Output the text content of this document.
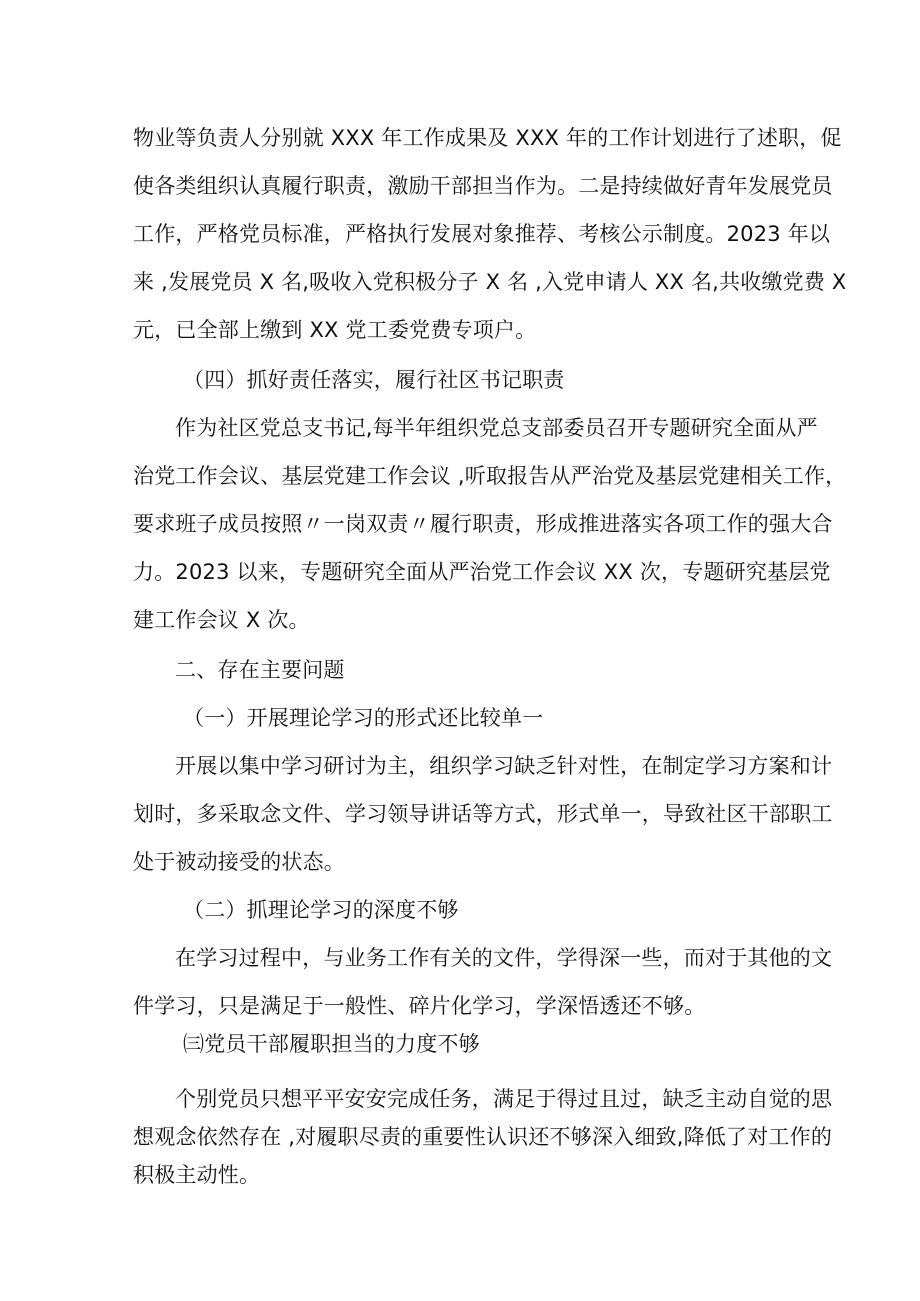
物业等负责人分别就 XXX 年工作成果及 XXX 年的工作计划进行了述职，促
使各类组织认真履行职责，激励干部担当作为。二是持续做好青年发展党员
工作，严格党员标准，严格执行发展对象推荐、考核公示制度。2023 年以
来 ,发展党员 X 名,吸收入党积极分子 X 名 ,入党申请人 XX 名,共收缴党费 X
元，已全部上缴到 XX 党工委党费专项户。
（四）抓好责任落实，履行社区书记职责
作为社区党总支书记,每半年组织党总支部委员召开专题研究全面从严
治党工作会议、基层党建工作会议 ,听取报告从严治党及基层党建相关工作，
要求班子成员按照〃一岗双责〃履行职责，形成推进落实各项工作的强大合
力。2023 以来，专题研究全面从严治党工作会议 XX 次，专题研究基层党
建工作会议 X 次。
二、存在主要问题
（一）开展理论学习的形式还比较单一
开展以集中学习研讨为主，组织学习缺乏针对性，在制定学习方案和计
划时，多采取念文件、学习领导讲话等方式，形式单一，导致社区干部职工
处于被动接受的状态。
（二）抓理论学习的深度不够
在学习过程中，与业务工作有关的文件，学得深一些，而对于其他的文
件学习，只是满足于一般性、碎片化学习，学深悟透还不够。
㈢党员干部履职担当的力度不够
个别党员只想平平安安完成任务，满足于得过且过，缺乏主动自觉的思
想观念依然存在 ,对履职尽责的重要性认识还不够深入细致,降低了对工作的
积极主动性。
